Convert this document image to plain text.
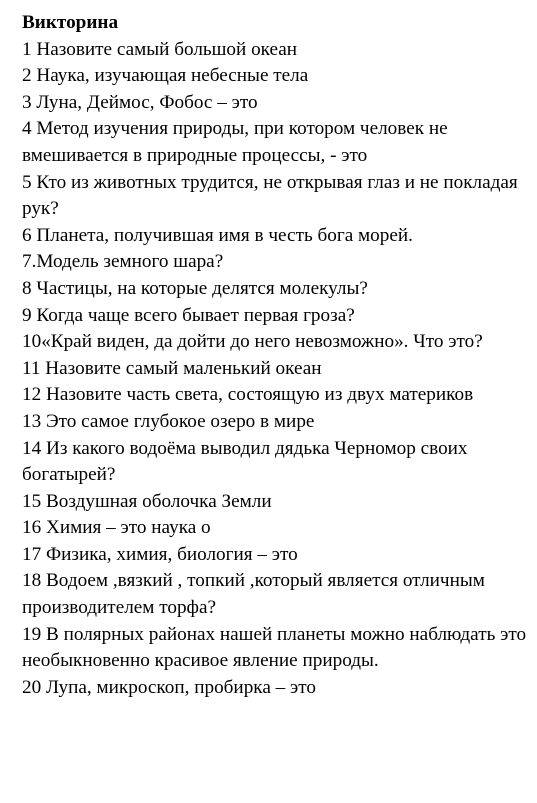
Викторина
1 Назовите самый большой океан
2 Наука, изучающая небесные тела
3 Луна, Деймос, Фобос – это
4 Метод изучения природы, при котором человек не вмешивается в природные процессы, - это
5 Кто из животных трудится, не открывая глаз и не покладая рук?
6 Планета, получившая имя в честь бога морей.
7.Модель земного шара?
8 Частицы, на которые делятся молекулы?
9 Когда чаще всего бывает первая гроза?
10«Край виден, да дойти до него невозможно». Что это?
11 Назовите самый маленький океан
12 Назовите часть света, состоящую из двух материков
13 Это самое глубокое озеро в мире
14 Из какого водоёма выводил дядька Черномор своих богатырей?
15 Воздушная оболочка Земли
16 Химия – это наука о
17 Физика, химия, биология – это
18 Водоем ,вязкий , топкий ,который является отличным производителем торфа?
19 В полярных районах нашей планеты можно наблюдать это необыкновенно красивое явление природы.
20 Лупа, микроскоп, пробирка – это
